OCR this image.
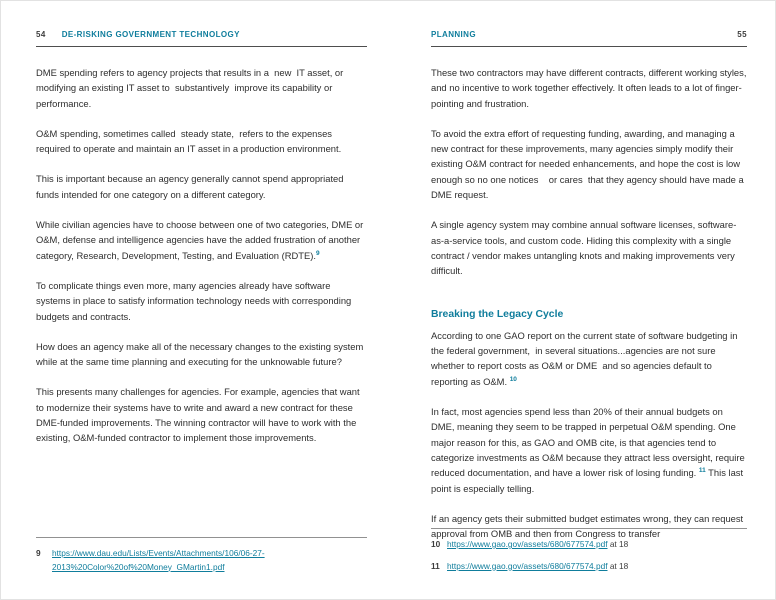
54 DE-RISKING GOVERNMENT TECHNOLOGY

DME spending refers to agency projects that results in a  new  IT asset, or modifying an existing IT asset to  substantively  improve its capability or performance.

O&M spending, sometimes called  steady state,  refers to the expenses required to operate and maintain an IT asset in a production environment.

This is important because an agency generally cannot spend appropriated funds intended for one category on a different category.

While civilian agencies have to choose between one of two categories, DME or O&M, defense and intelligence agencies have the added frustration of another category, Research, Development, Testing, and Evaluation (RDTE).$^9$

To complicate things even more, many agencies already have software systems in place to satisfy information technology needs with corresponding budgets and contracts.

How does an agency make all of the necessary changes to the existing system while at the same time planning and executing for the unknowable future?

This presents many challenges for agencies. For example, agencies that want to modernize their systems have to write and award a new contract for these DME-funded improvements. The winning contractor will have to work with the existing, O&M-funded contractor to implement those improvements.

9	https://www.dau.edu/Lists/Events/Attachments/106/06-27-2013%20Color%20of%20Money_GMartin1.pdf
PLANNING	55

These two contractors may have different contracts, different working styles, and no incentive to work together effectively. It often leads to a lot of finger-pointing and frustration.

To avoid the extra effort of requesting funding, awarding, and managing a new contract for these improvements, many agencies simply modify their existing O&M contract for needed enhancements, and hope the cost is low enough so no one notices    or cares  that they agency should have made a DME request.

A single agency system may combine annual software licenses, software-as-a-service tools, and custom code. Hiding this complexity with a single contract / vendor makes untangling knots and making improvements very difficult.

Breaking the Legacy Cycle

According to one GAO report on the current state of software budgeting in the federal government,  in several situations...agencies are not sure whether to report costs as O&M or DME  and so agencies default to reporting as O&M. $^{10}$

In fact, most agencies spend less than 20% of their annual budgets on DME, meaning they seem to be trapped in perpetual O&M spending. One major reason for this, as GAO and OMB cite, is that agencies tend to categorize investments as O&M because they attract less oversight, require reduced documentation, and have a lower risk of losing funding. $^{11}$ This last point is especially telling.

If an agency gets their submitted budget estimates wrong, they can request approval from OMB and then from Congress to transfer

10 https://www.gao.gov/assets/680/677574.pdf at 18
11 https://www.gao.gov/assets/680/677574.pdf at 18
